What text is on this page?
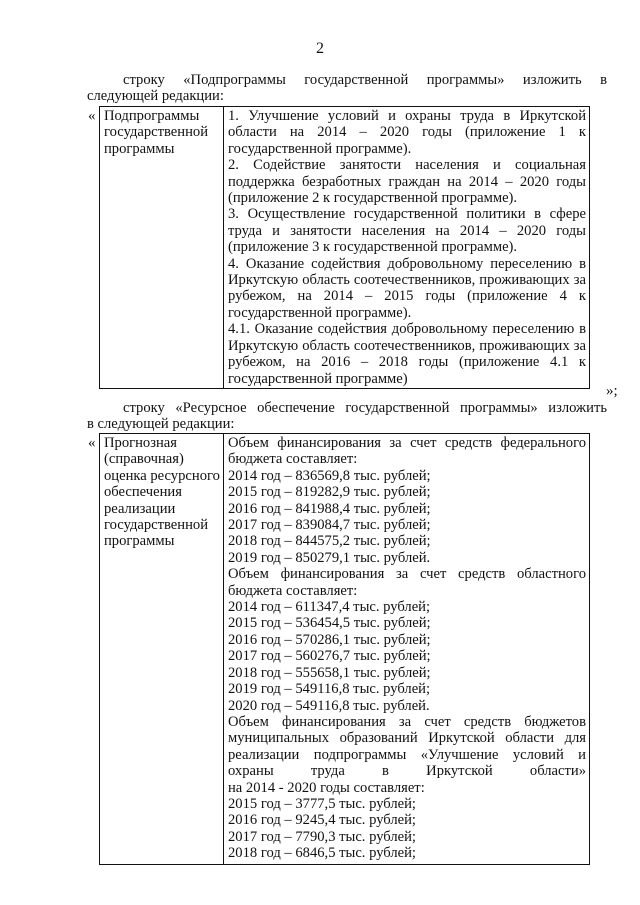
2
строку «Подпрограммы государственной программы» изложить в
следующей редакции:
« Подпрограммы государственной программы	
1. Улучшение условий и охраны труда в Иркутской области на 2014 – 2020 годы (приложение 1 к государственной программе).
2. Содействие занятости населения и социальная поддержка безработных граждан на 2014 – 2020 годы (приложение 2 к государственной программе).
3. Осуществление государственной политики в сфере труда и занятости населения на 2014 – 2020 годы (приложение 3 к государственной программе).
4. Оказание содействия добровольному переселению в Иркутскую область соотечественников, проживающих за рубежом, на 2014 – 2015 годы (приложение 4 к государственной программе).
4.1. Оказание содействия добровольному переселению в Иркутскую область соотечественников, проживающих за рубежом, на 2016 – 2018 годы (приложение 4.1 к государственной программе)
»;
строку «Ресурсное обеспечение государственной программы» изложить
в следующей редакции:
« Прогнозная (справочная) оценка ресурсного обеспечения реализации государственной программы	
Объем финансирования за счет средств федерального бюджета составляет:
2014 год – 836569,8 тыс. рублей;
2015 год – 819282,9 тыс. рублей;
2016 год – 841988,4 тыс. рублей;
2017 год – 839084,7 тыс. рублей;
2018 год – 844575,2 тыс. рублей;
2019 год – 850279,1 тыс. рублей.
Объем финансирования за счет средств областного бюджета составляет:
2014 год – 611347,4 тыс. рублей;
2015 год – 536454,5 тыс. рублей;
2016 год – 570286,1 тыс. рублей;
2017 год – 560276,7 тыс. рублей;
2018 год – 555658,1 тыс. рублей;
2019 год – 549116,8 тыс. рублей;
2020 год – 549116,8 тыс. рублей.
Объем финансирования за счет средств бюджетов муниципальных образований Иркутской области для реализации подпрограммы «Улучшение условий и охраны труда в Иркутской области»
на 2014 - 2020 годы составляет:
2015 год – 3777,5 тыс. рублей;
2016 год – 9245,4 тыс. рублей;
2017 год – 7790,3 тыс. рублей;
2018 год – 6846,5 тыс. рублей;
